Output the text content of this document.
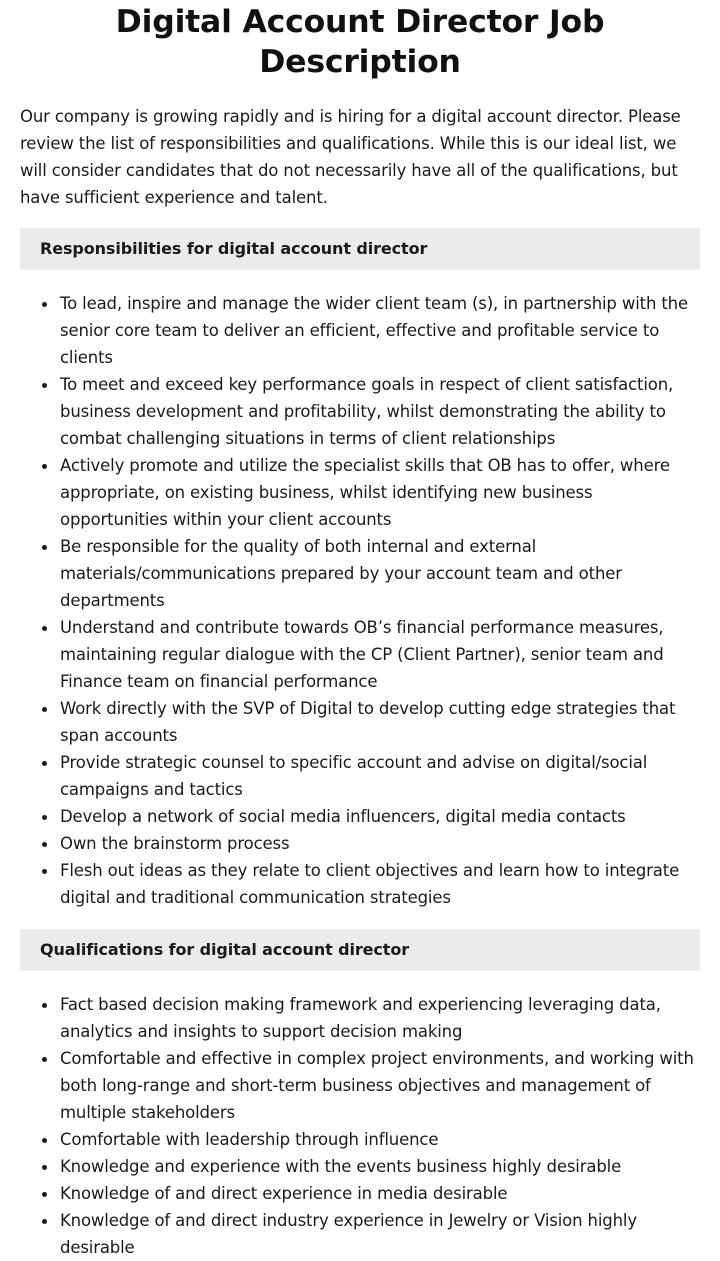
Digital Account Director Job Description

Our company is growing rapidly and is hiring for a digital account director. Please review the list of responsibilities and qualifications. While this is our ideal list, we will consider candidates that do not necessarily have all of the qualifications, but have sufficient experience and talent.

Responsibilities for digital account director
To lead, inspire and manage the wider client team (s), in partnership with the senior core team to deliver an efficient, effective and profitable service to clients
To meet and exceed key performance goals in respect of client satisfaction, business development and profitability, whilst demonstrating the ability to combat challenging situations in terms of client relationships
Actively promote and utilize the specialist skills that OB has to offer, where appropriate, on existing business, whilst identifying new business opportunities within your client accounts
Be responsible for the quality of both internal and external materials/communications prepared by your account team and other departments
Understand and contribute towards OB’s financial performance measures, maintaining regular dialogue with the CP (Client Partner), senior team and Finance team on financial performance
Work directly with the SVP of Digital to develop cutting edge strategies that span accounts
Provide strategic counsel to specific account and advise on digital/social campaigns and tactics
Develop a network of social media influencers, digital media contacts
Own the brainstorm process
Flesh out ideas as they relate to client objectives and learn how to integrate digital and traditional communication strategies
Qualifications for digital account director
Fact based decision making framework and experiencing leveraging data, analytics and insights to support decision making
Comfortable and effective in complex project environments, and working with both long-range and short-term business objectives and management of multiple stakeholders
Comfortable with leadership through influence
Knowledge and experience with the events business highly desirable
Knowledge of and direct experience in media desirable
Knowledge of and direct industry experience in Jewelry or Vision highly desirable
